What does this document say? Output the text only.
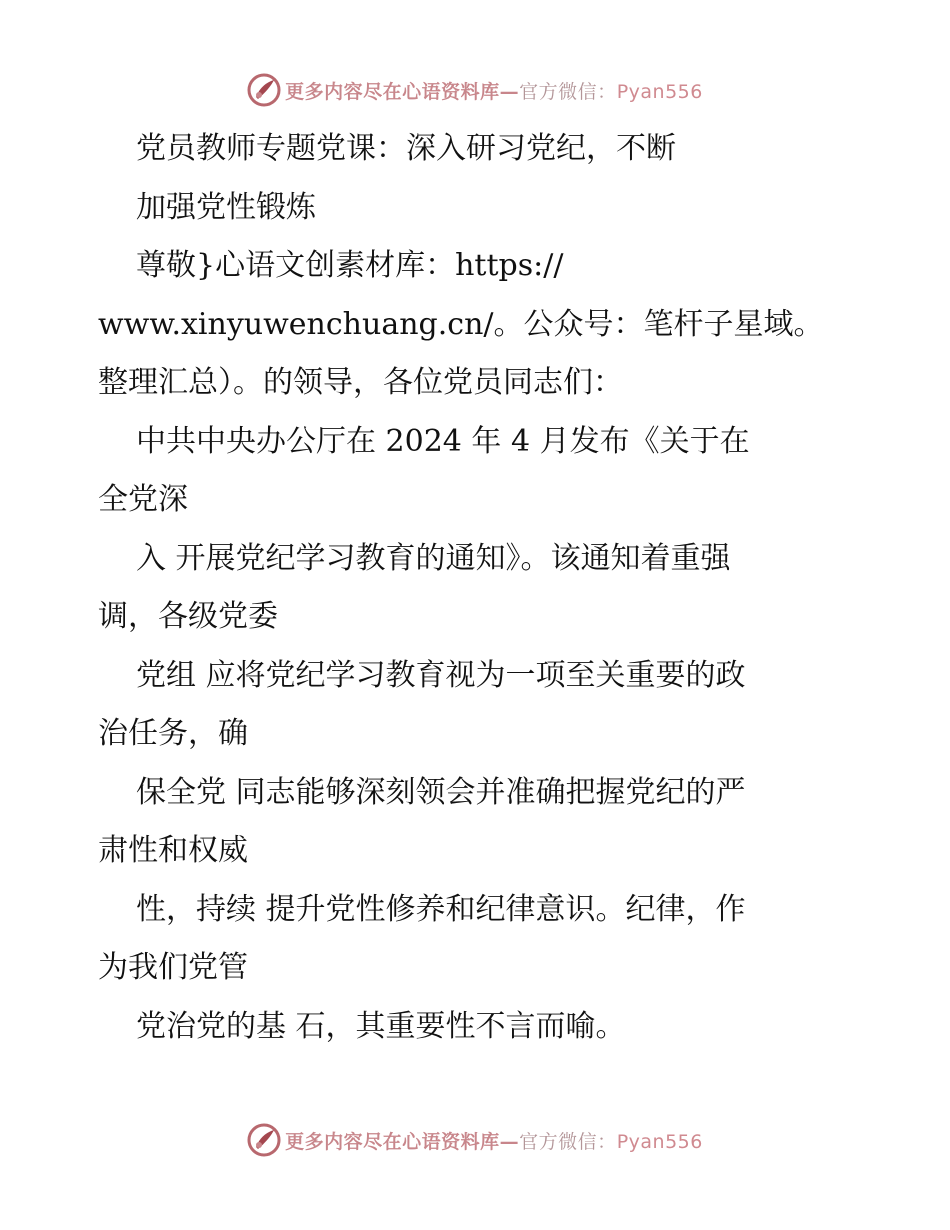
更多内容尽在心语资料库—官方微信：Pyan556
党员教师专题党课：深入研习党纪，不断
加强党性锻炼
尊敬}心语文创素材库：https://
www.xinyuwenchuang.cn/。公众号：笔杆子星域。
整理汇总）。的领导，各位党员同志们：
中共中央办公厅在 2024 年 4 月发布《关于在
全党深
入 开展党纪学习教育的通知》。该通知着重强
调，各级党委
党组 应将党纪学习教育视为一项至关重要的政
治任务，确
保全党 同志能够深刻领会并准确把握党纪的严
肃性和权威
性，持续 提升党性修养和纪律意识。纪律，作
为我们党管
党治党的基 石，其重要性不言而喻。
更多内容尽在心语资料库—官方微信：Pyan556
